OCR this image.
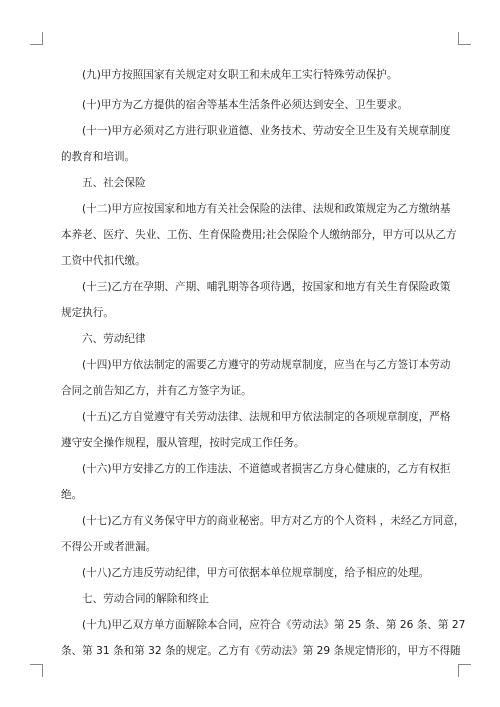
(九)甲方按照国家有关规定对女职工和未成年工实行特殊劳动保护。
(十)甲方为乙方提供的宿舍等基本生活条件必须达到安全、卫生要求。
(十一)甲方必须对乙方进行职业道德、业务技术、劳动安全卫生及有关规章制度
的教育和培训。
五、社会保险
(十二)甲方应按国家和地方有关社会保险的法律、法规和政策规定为乙方缴纳基
本养老、医疗、失业、工伤、生育保险费用;社会保险个人缴纳部分，甲方可以从乙方
工资中代扣代缴。
(十三)乙方在孕期、产期、哺乳期等各项待遇，按国家和地方有关生育保险政策
规定执行。
六、劳动纪律
(十四)甲方依法制定的需要乙方遵守的劳动规章制度，应当在与乙方签订本劳动
合同之前告知乙方，并有乙方签字为证。
(十五)乙方自觉遵守有关劳动法律、法规和甲方依法制定的各项规章制度，严格
遵守安全操作规程，服从管理，按时完成工作任务。
(十六)甲方安排乙方的工作违法、不道德或者损害乙方身心健康的，乙方有权拒
绝。
(十七)乙方有义务保守甲方的商业秘密。甲方对乙方的个人资料 ，未经乙方同意，
不得公开或者泄漏。
(十八)乙方违反劳动纪律，甲方可依据本单位规章制度，给予相应的处理。
七、劳动合同的解除和终止
(十九)甲乙双方单方面解除本合同，应符合《劳动法》第 25 条、第 26 条、第 27
条、第 31 条和第 32 条的规定。乙方有《劳动法》第 29 条规定情形的，甲方不得随
